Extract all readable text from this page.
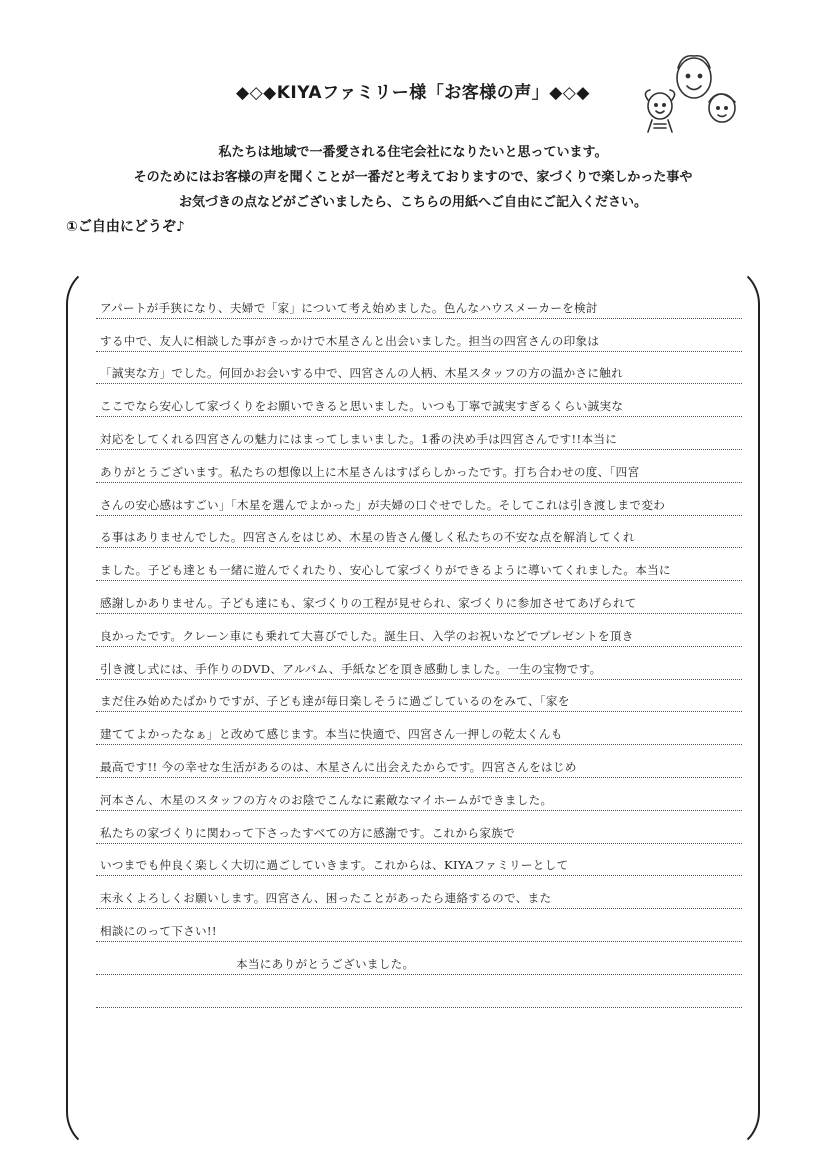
◆◇◆KIYAファミリー様「お客様の声」◆◇◆
私たちは地域で一番愛される住宅会社になりたいと思っています。
そのためにはお客様の声を聞くことが一番だと考えておりますので、家づくりで楽しかった事や
お気づきの点などがございましたら、こちらの用紙へご自由にご記入ください。
①ご自由にどうぞ♪
アパートが手狭になり、夫婦で「家」について考え始めました。色んなハウスメーカーを検討
する中で、友人に相談した事がきっかけで木星さんと出会いました。担当の四宮さんの印象は
「誠実な方」でした。何回かお会いする中で、四宮さんの人柄、木星スタッフの方の温かさに触れ
ここでなら安心して家づくりをお願いできると思いました。いつも丁寧で誠実すぎるくらい誠実な
対応をしてくれる四宮さんの魅力にはまってしまいました。1番の決め手は四宮さんです!!本当に
ありがとうございます。私たちの想像以上に木星さんはすばらしかったです。打ち合わせの度、「四宮
さんの安心感はすごい」「木星を選んでよかった」が夫婦の口ぐせでした。そしてこれは引き渡しまで変わ
る事はありませんでした。四宮さんをはじめ、木星の皆さん優しく私たちの不安な点を解消してくれ
ました。子ども達とも一緒に遊んでくれたり、安心して家づくりができるように導いてくれました。本当に
感謝しかありません。子ども達にも、家づくりの工程が見せられ、家づくりに参加させてあげられて
良かったです。クレーン車にも乗れて大喜びでした。誕生日、入学のお祝いなどでプレゼントを頂き
引き渡し式には、手作りのDVD、アルバム、手紙などを頂き感動しました。一生の宝物です。
まだ住み始めたばかりですが、子ども達が毎日楽しそうに過ごしているのをみて、「家を
建ててよかったなぁ」と改めて感じます。本当に快適で、四宮さん一押しの乾太くんも
最高です!! 今の幸せな生活があるのは、木星さんに出会えたからです。四宮さんをはじめ
河本さん、木星のスタッフの方々のお陰でこんなに素敵なマイホームができました。
私たちの家づくりに関わって下さったすべての方に感謝です。これから家族で
いつまでも仲良く楽しく大切に過ごしていきます。これからは、KIYAファミリーとして
末永くよろしくお願いします。四宮さん、困ったことがあったら連絡するので、また
相談にのって下さい!!
本当にありがとうございました。
